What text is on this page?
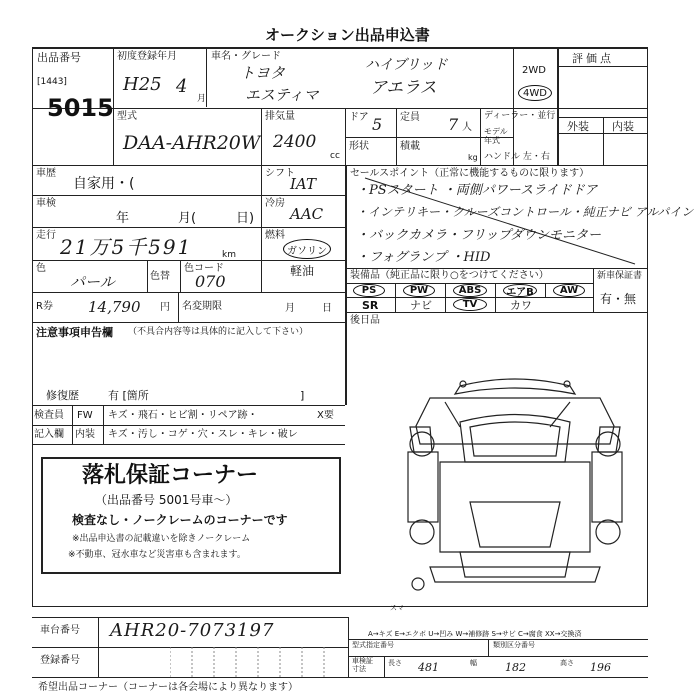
オークション出品申込書
出品番号
[1443]
5015
初度登録年月
H25 4
月
車名・グレード
トヨタ
エスティマ
ハイブリッド
アエラス
2WD
4WD
評価点
外装 内装
型式
DAA-AHR20W
排気量
2400
cc
ドア 5 定員 7 人
ディーラー・並行
モデル
年式
ハンドル 左・右
形状	積載
kg
車歴
自家用・(
シフト
IAT
車検
年	月(	日)
冷房
AAC
走行 21万5千591	km
燃料
ガソリン
軽油
色
パール	色替
色コード
070
R券 14,790 円 名変期限	月	日
セールスポイント（正常に機能するものに限ります）
・PSスタート ・両側パワースライドドア
・インテリキー・クルーズコントロール・純正ナビ アルパイン
・バックカメラ・フリップダウンモニター
・フォグランプ ・HID
装備品（純正品に限り○をつけてください）	新車保証書
有・無
PS	PW	ABS エアB	AW
SR	ナビ	TV	カワ
後日品
注意事項申告欄 （不具合内容等は具体的に記入して下さい）
修復歴	有 [箇所	]
検査員
記入欄
FW キズ・飛石・ヒビ割・リペア跡・	X要
内装 キズ・汚し・コゲ・穴・スレ・キレ・破レ
落札保証コーナー
（出品番号 5001号車～）
検査なし・ノークレームのコーナーです
※出品申込書の記載違いを除きノークレーム
※不動車、冠水車など災害車も含まれます。
スマ
車台番号 AHR20-7073197
登録番号
A→キズ E→エクボ U→凹み W→補修跡 S→サビ C→腐食 XX→交換済
型式指定番号	類別区分番号
車検証
寸法
長さ 481	幅	182	高さ 196
希望出品コーナー（コーナーは各会場により異なります）
